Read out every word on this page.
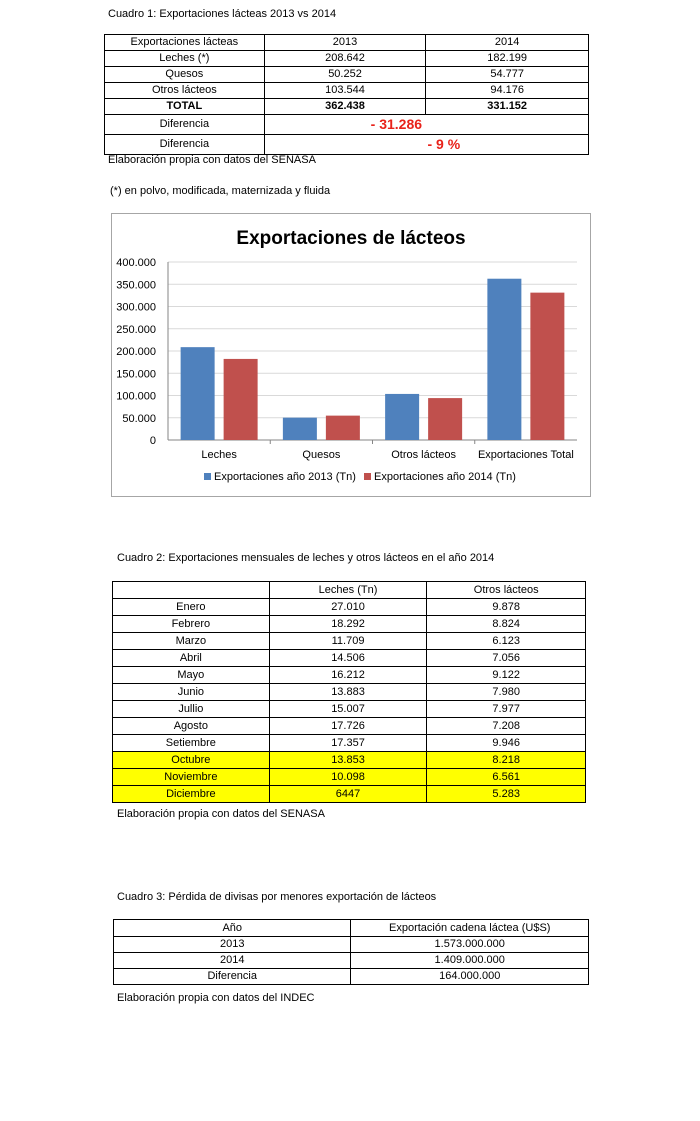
Cuadro 1: Exportaciones lácteas 2013 vs 2014
Exportaciones lácteas	2013	2014
Leches (*)	208.642	182.199
Quesos	50.252	54.777
Otros lácteos	103.544	94.176
TOTAL	362.438	331.152
Diferencia	- 31.286	
Diferencia	- 9 %	
Elaboración propia con datos del SENASA
(*) en polvo, modificada, maternizada y fluida
Exportaciones de lácteos
0
50.000
100.000
150.000
200.000
250.000
300.000
350.000
400.000
Leches	Quesos	Otros lácteos Exportaciones Total
Exportaciones año 2013 (Tn) Exportaciones año 2014 (Tn)
Cuadro 2: Exportaciones mensuales de leches y otros lácteos en el año 2014
	Leches (Tn)	Otros lácteos
Enero	27.010	9.878
Febrero	18.292	8.824
Marzo	11.709	6.123
Abril	14.506	7.056
Mayo	16.212	9.122
Junio	13.883	7.980
Jullio	15.007	7.977
Agosto	17.726	7.208
Setiembre	17.357	9.946
Octubre	13.853	8.218
Noviembre	10.098	6.561
Diciembre	6447	5.283
Elaboración propia con datos del SENASA
Cuadro 3: Pérdida de divisas por menores exportación de lácteos
Año	Exportación cadena láctea (U$S)
2013	1.573.000.000
2014	1.409.000.000
Diferencia	164.000.000
Elaboración propia con datos del INDEC
